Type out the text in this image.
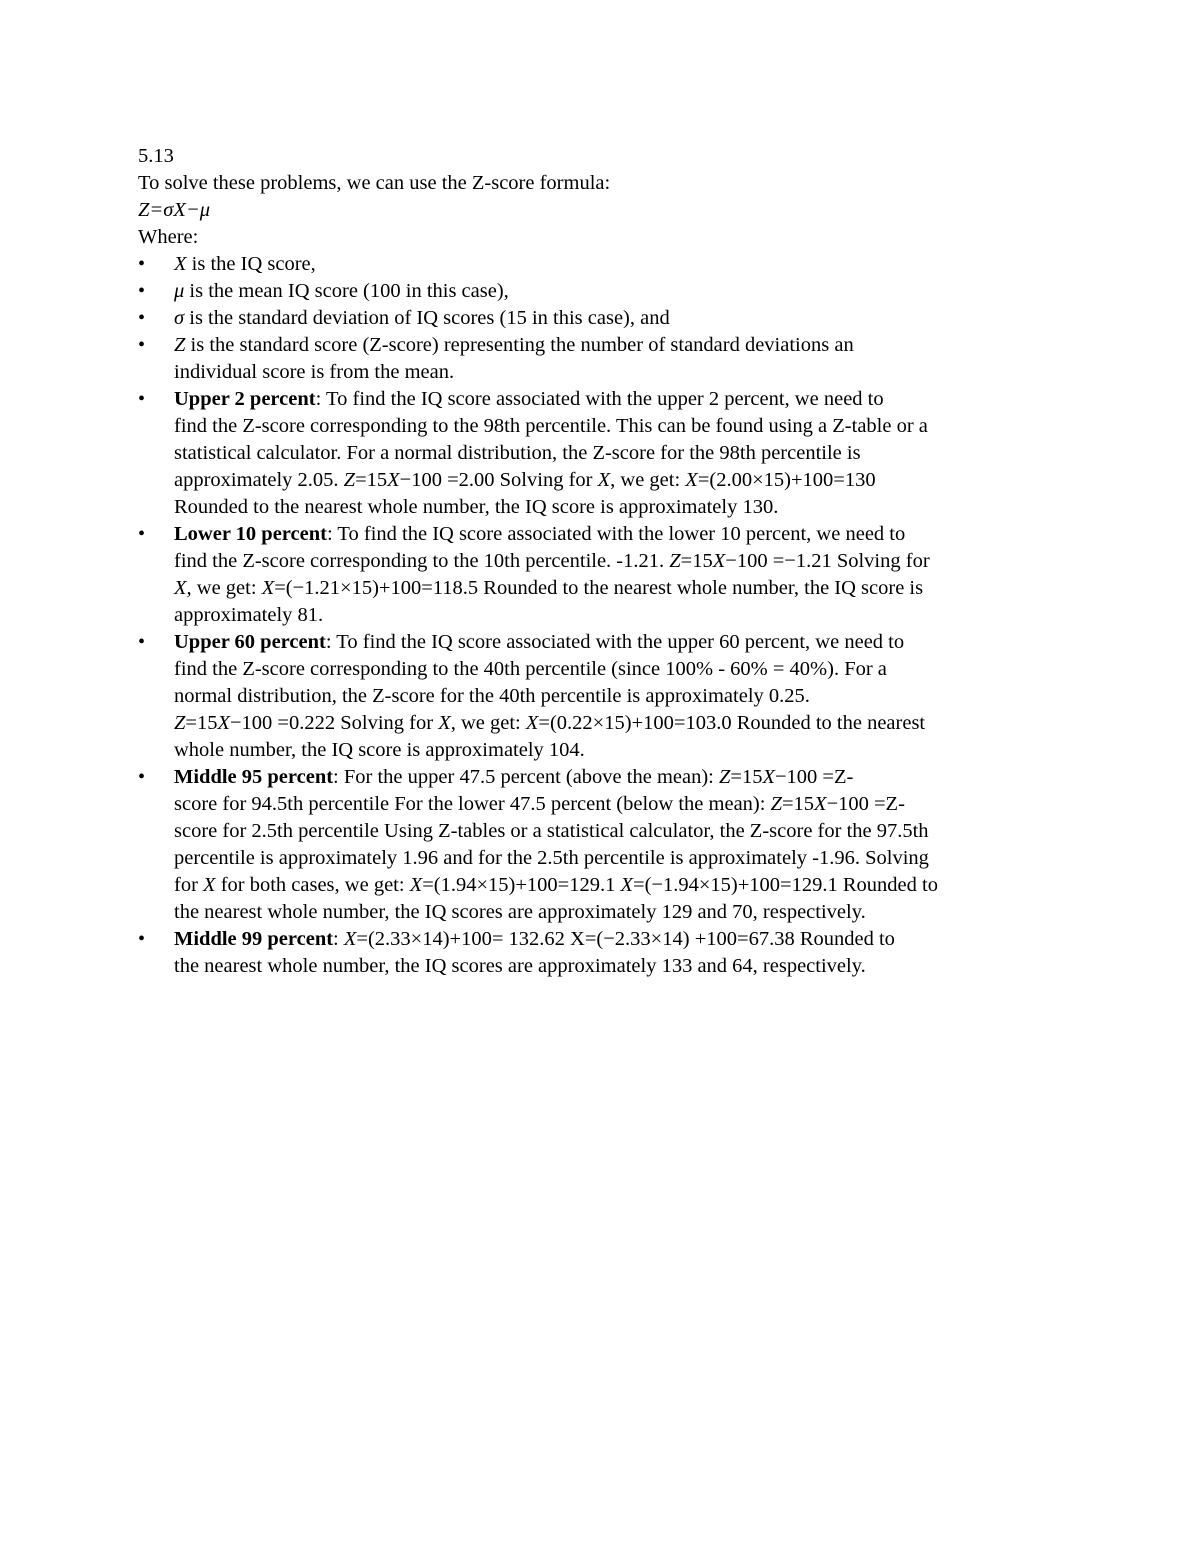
5.13
To solve these problems, we can use the Z-score formula:
Z=σX−μ
Where:
• X is the IQ score,
• μ is the mean IQ score (100 in this case),
• σ is the standard deviation of IQ scores (15 in this case), and
• Z is the standard score (Z-score) representing the number of standard deviations an
individual score is from the mean.
• Upper 2 percent: To find the IQ score associated with the upper 2 percent, we need to
find the Z-score corresponding to the 98th percentile. This can be found using a Z-table or a
statistical calculator. For a normal distribution, the Z-score for the 98th percentile is
approximately 2.05. Z=15X−100 =2.00 Solving for X, we get: X=(2.00×15)+100=130
Rounded to the nearest whole number, the IQ score is approximately 130.
• Lower 10 percent: To find the IQ score associated with the lower 10 percent, we need to
find the Z-score corresponding to the 10th percentile. -1.21. Z=15X−100 =−1.21 Solving for
X, we get: X=(−1.21×15)+100=118.5 Rounded to the nearest whole number, the IQ score is
approximately 81.
• Upper 60 percent: To find the IQ score associated with the upper 60 percent, we need to
find the Z-score corresponding to the 40th percentile (since 100% - 60% = 40%). For a
normal distribution, the Z-score for the 40th percentile is approximately 0.25.
Z=15X−100 =0.222 Solving for X, we get: X=(0.22×15)+100=103.0 Rounded to the nearest
whole number, the IQ score is approximately 104.
• Middle 95 percent: For the upper 47.5 percent (above the mean): Z=15X−100 =Z-
score for 94.5th percentile For the lower 47.5 percent (below the mean): Z=15X−100 =Z-
score for 2.5th percentile Using Z-tables or a statistical calculator, the Z-score for the 97.5th
percentile is approximately 1.96 and for the 2.5th percentile is approximately -1.96. Solving
for X for both cases, we get: X=(1.94×15)+100=129.1 X=(−1.94×15)+100=129.1 Rounded to
the nearest whole number, the IQ scores are approximately 129 and 70, respectively.
• Middle 99 percent: X=(2.33×14)+100= 132.62 X=(−2.33×14) +100=67.38 Rounded to
the nearest whole number, the IQ scores are approximately 133 and 64, respectively.
